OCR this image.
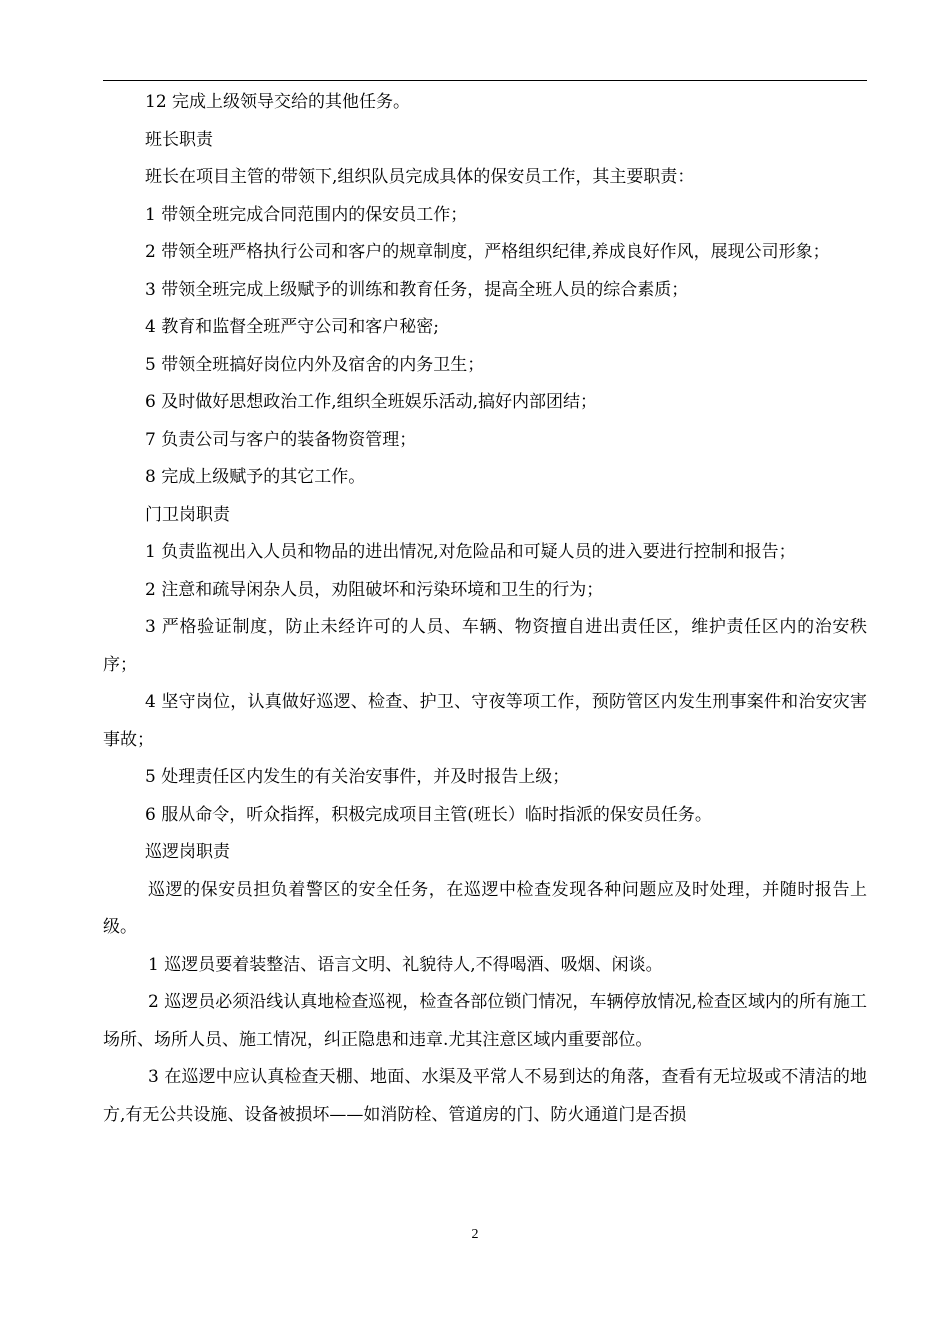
12 完成上级领导交给的其他任务。

班长职责

班长在项目主管的带领下,组织队员完成具体的保安员工作，其主要职责：

1 带领全班完成合同范围内的保安员工作；

2 带领全班严格执行公司和客户的规章制度，严格组织纪律,养成良好作风，展现公司形象；

3 带领全班完成上级赋予的训练和教育任务，提高全班人员的综合素质；

4 教育和监督全班严守公司和客户秘密;

5 带领全班搞好岗位内外及宿舍的内务卫生；

6 及时做好思想政治工作,组织全班娱乐活动,搞好内部团结；

7 负责公司与客户的装备物资管理；

8 完成上级赋予的其它工作。

门卫岗职责

1 负责监视出入人员和物品的进出情况,对危险品和可疑人员的进入要进行控制和报告；

2 注意和疏导闲杂人员，劝阻破坏和污染环境和卫生的行为；

3 严格验证制度，防止未经许可的人员、车辆、物资擅自进出责任区，维护责任区内的治安秩序；

4 坚守岗位，认真做好巡逻、检查、护卫、守夜等项工作，预防管区内发生刑事案件和治安灾害事故；

5 处理责任区内发生的有关治安事件，并及时报告上级；

6 服从命令，听众指挥，积极完成项目主管(班长）临时指派的保安员任务。

巡逻岗职责

巡逻的保安员担负着警区的安全任务，在巡逻中检查发现各种问题应及时处理，并随时报告上级。

1 巡逻员要着装整洁、语言文明、礼貌待人,不得喝酒、吸烟、闲谈。

2 巡逻员必须沿线认真地检查巡视，检查各部位锁门情况，车辆停放情况,检查区域内的所有施工场所、场所人员、施工情况，纠正隐患和违章.尤其注意区域内重要部位。

3 在巡逻中应认真检查天棚、地面、水渠及平常人不易到达的角落，查看有无垃圾或不清洁的地方,有无公共设施、设备被损坏——如消防栓、管道房的门、防火通道门是否损

2
